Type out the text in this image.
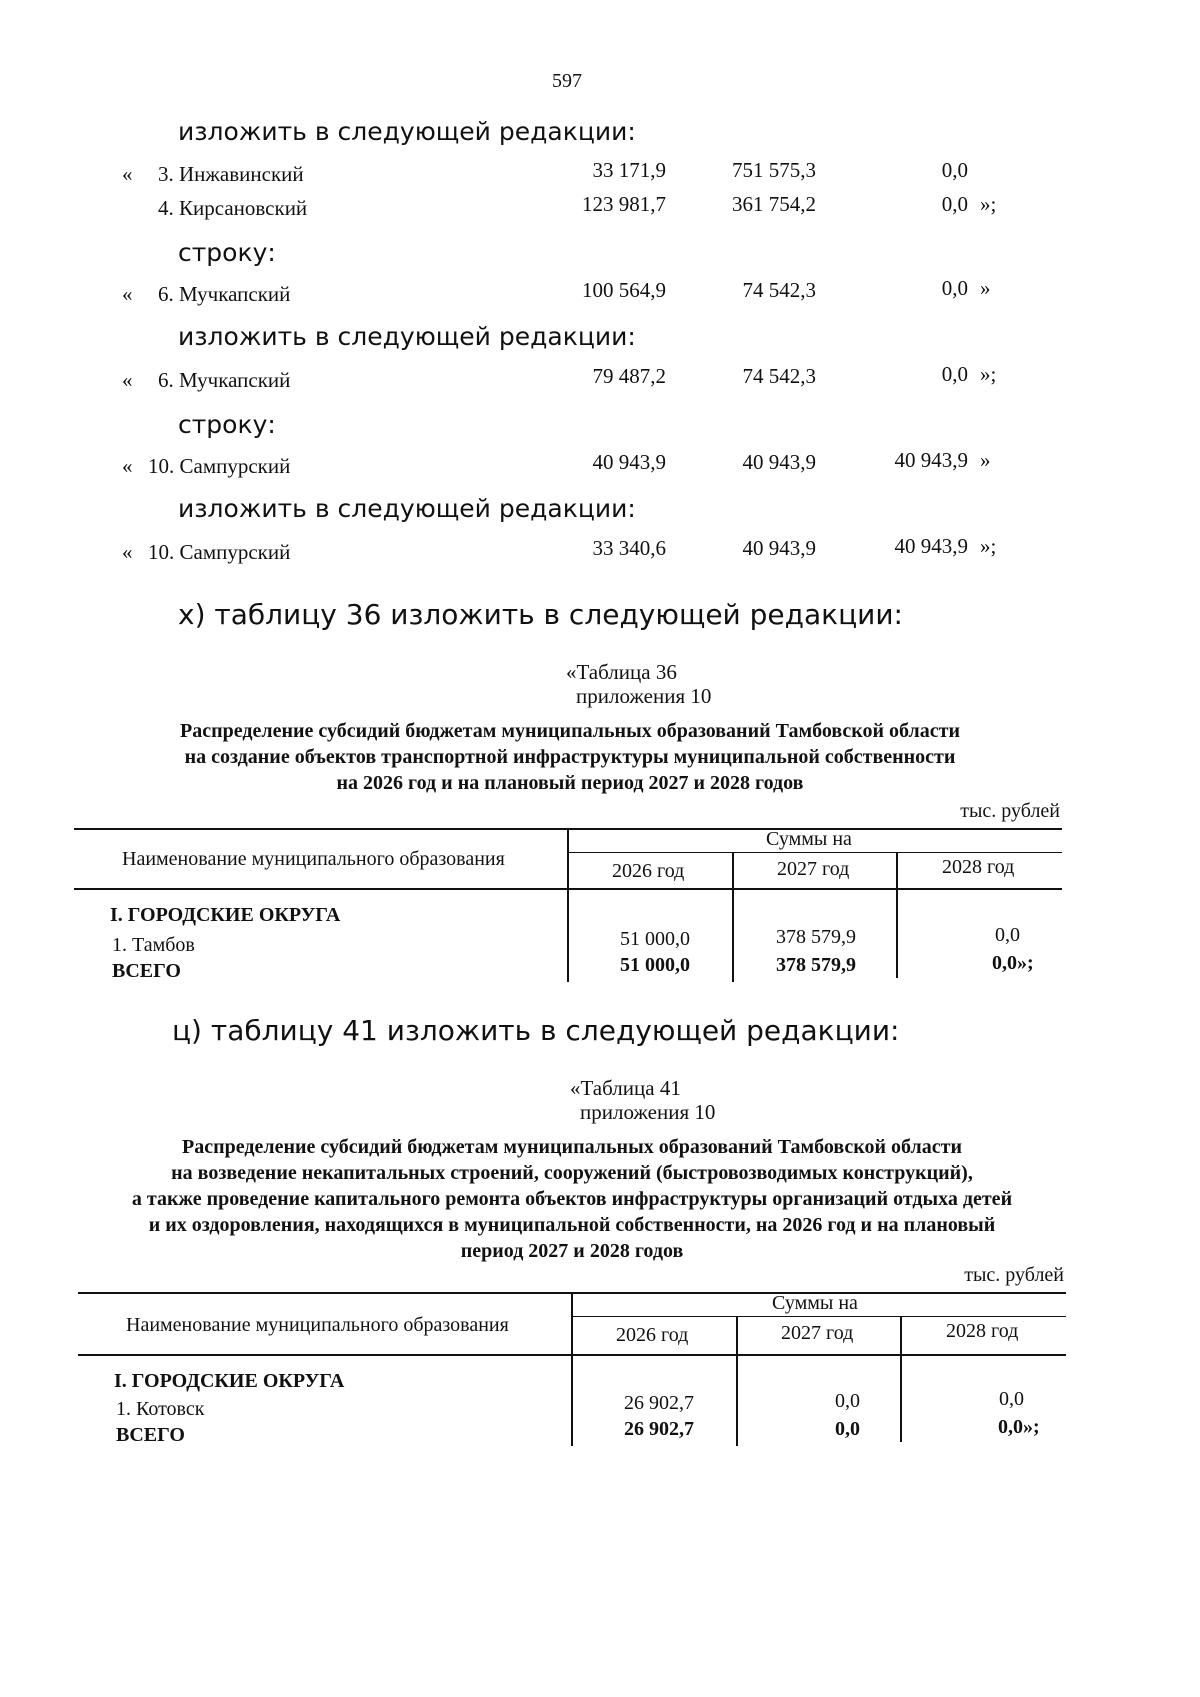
597
изложить в следующей редакции:
« 3. Инжавинский	33 171,9	751 575,3	0,0
4. Кирсановский	123 981,7	361 754,2	0,0 »;
строку:
« 6. Мучкапский	100 564,9	74 542,3	0,0 »
изложить в следующей редакции:
« 6. Мучкапский	79 487,2	74 542,3	0,0 »;
строку:
« 10. Сампурский	40 943,9	40 943,9	40 943,9 »
изложить в следующей редакции:
« 10. Сампурский	33 340,6	40 943,9	40 943,9 »;
х) таблицу 36 изложить в следующей редакции:
«Таблица 36
приложения 10
Распределение субсидий бюджетам муниципальных образований Тамбовской области
на создание объектов транспортной инфраструктуры муниципальной собственности
на 2026 год и на плановый период 2027 и 2028 годов
тыс. рублей
Наименование муниципального образования
Суммы на
2026 год	2027 год	2028 год
I. ГОРОДСКИЕ ОКРУГА
1. Тамбов	51 000,0	378 579,9	0,0
ВСЕГО	51 000,0	378 579,9	0,0»;
ц) таблицу 41 изложить в следующей редакции:
«Таблица 41
приложения 10
Распределение субсидий бюджетам муниципальных образований Тамбовской области
на возведение некапитальных строений, сооружений (быстровозводимых конструкций),
а также проведение капитального ремонта объектов инфраструктуры организаций отдыха детей
и их оздоровления, находящихся в муниципальной собственности, на 2026 год и на плановый
период 2027 и 2028 годов
тыс. рублей
Наименование муниципального образования
Суммы на
2026 год	2027 год	2028 год
I. ГОРОДСКИЕ ОКРУГА
1. Котовск	26 902,7	0,0	0,0
ВСЕГО	26 902,7	0,0	0,0»;
